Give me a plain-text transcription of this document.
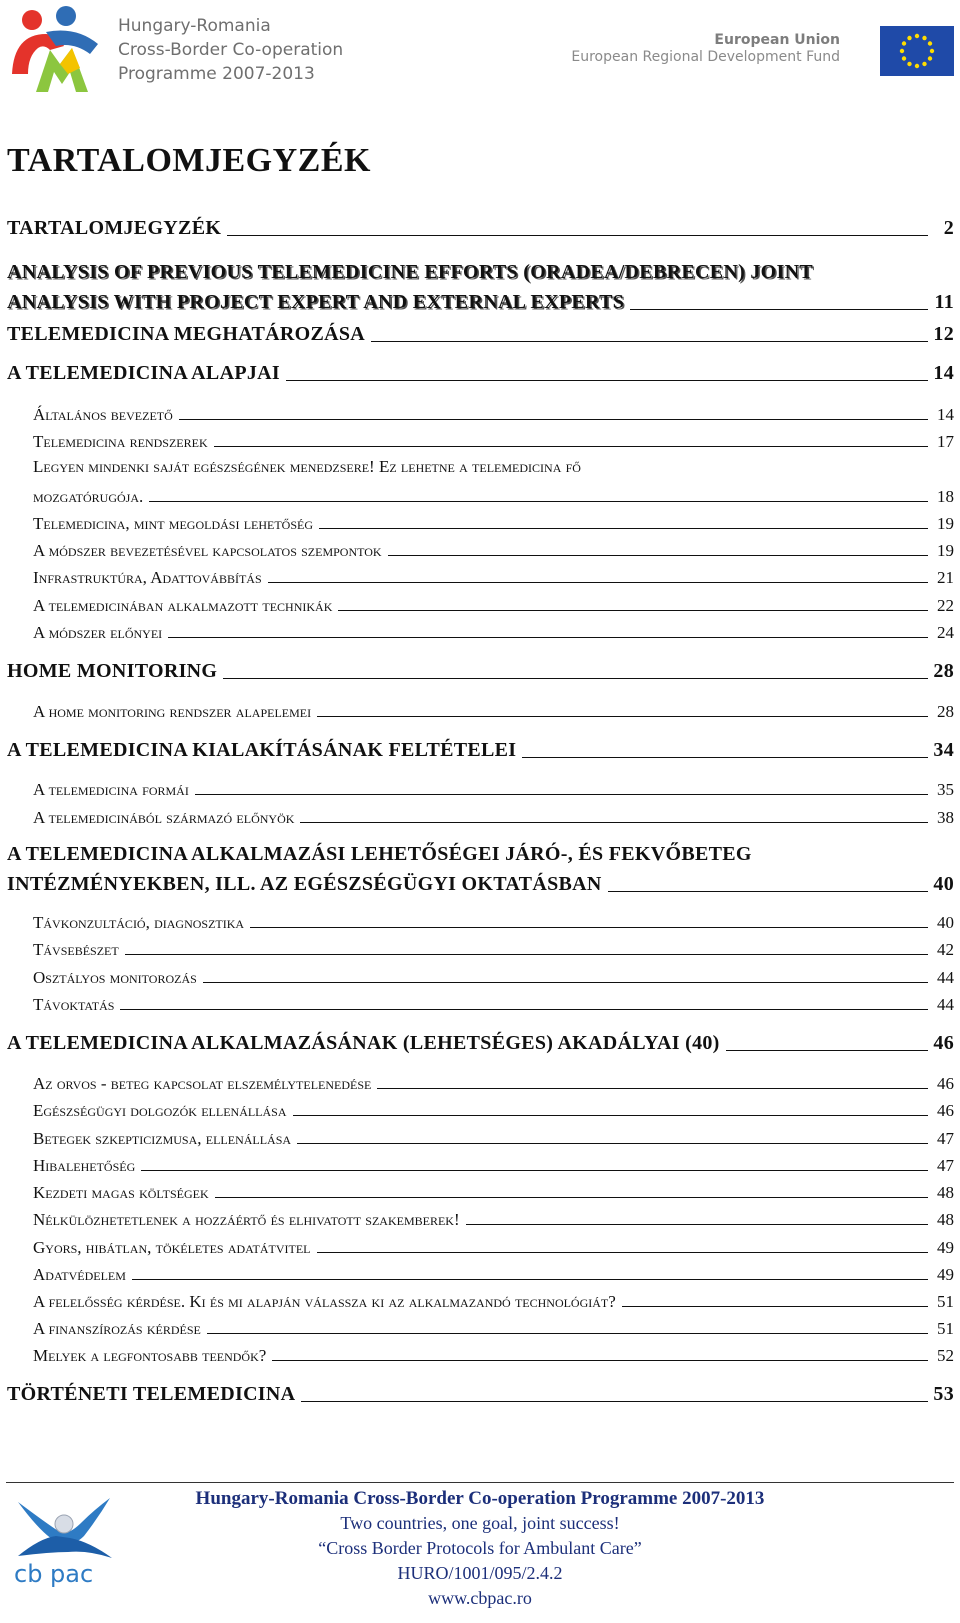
Hungary-Romania
Cross-Border Co-operation
Programme 2007-2013
European Union
European Regional Development Fund
TARTALOMJEGYZÉK
TARTALOMJEGYZÉK	2
ANALYSIS OF PREVIOUS TELEMEDICINE EFFORTS (ORADEA/DEBRECEN) JOINT
ANALYSIS WITH PROJECT EXPERT AND EXTERNAL EXPERTS	11
TELEMEDICINA MEGHATÁROZÁSA	12
A TELEMEDICINA ALAPJAI	14
Általános bevezető	14
Telemedicina rendszerek	17
Legyen mindenki saját egészségének menedzsere! Ez lehetne a telemedicina fő
mozgatórugója.	18
Telemedicina, mint megoldási lehetőség	19
A módszer bevezetésével kapcsolatos szempontok	19
Infrastruktúra, Adattovábbítás	21
A telemedicinában alkalmazott technikák	22
A módszer előnyei	24
HOME MONITORING	28
A home monitoring rendszer alapelemei	28
A TELEMEDICINA KIALAKÍTÁSÁNAK FELTÉTELEI	34
A telemedicina formái	35
A telemedicinából származó előnyök	38
A TELEMEDICINA ALKALMAZÁSI LEHETŐSÉGEI JÁRÓ-, ÉS FEKVŐBETEG
INTÉZMÉNYEKBEN, ILL. AZ EGÉSZSÉGÜGYI OKTATÁSBAN	40
Távkonzultáció, diagnosztika	40
Távsebészet	42
Osztályos monitorozás	44
Távoktatás	44
A TELEMEDICINA ALKALMAZÁSÁNAK (LEHETSÉGES) AKADÁLYAI (40)	46
Az orvos - beteg kapcsolat elszemélytelenedése	46
Egészségügyi dolgozók ellenállása	46
Betegek szkepticizmusa, ellenállása	47
Hibalehetőség	47
Kezdeti magas költségek	48
Nélkülözhetetlenek a hozzáértő és elhivatott szakemberek!	48
Gyors, hibátlan, tökéletes adatátvitel	49
Adatvédelem	49
A felelősség kérdése. Ki és mi alapján válassza ki az alkalmazandó technológiát?	51
A finanszírozás kérdése	51
Melyek a legfontosabb teendők?	52
TÖRTÉNETI TELEMEDICINA	53
cb pac
Hungary-Romania Cross-Border Co-operation Programme 2007-2013
Two countries, one goal, joint success!
“Cross Border Protocols for Ambulant Care”
HURO/1001/095/2.4.2
www.cbpac.ro
